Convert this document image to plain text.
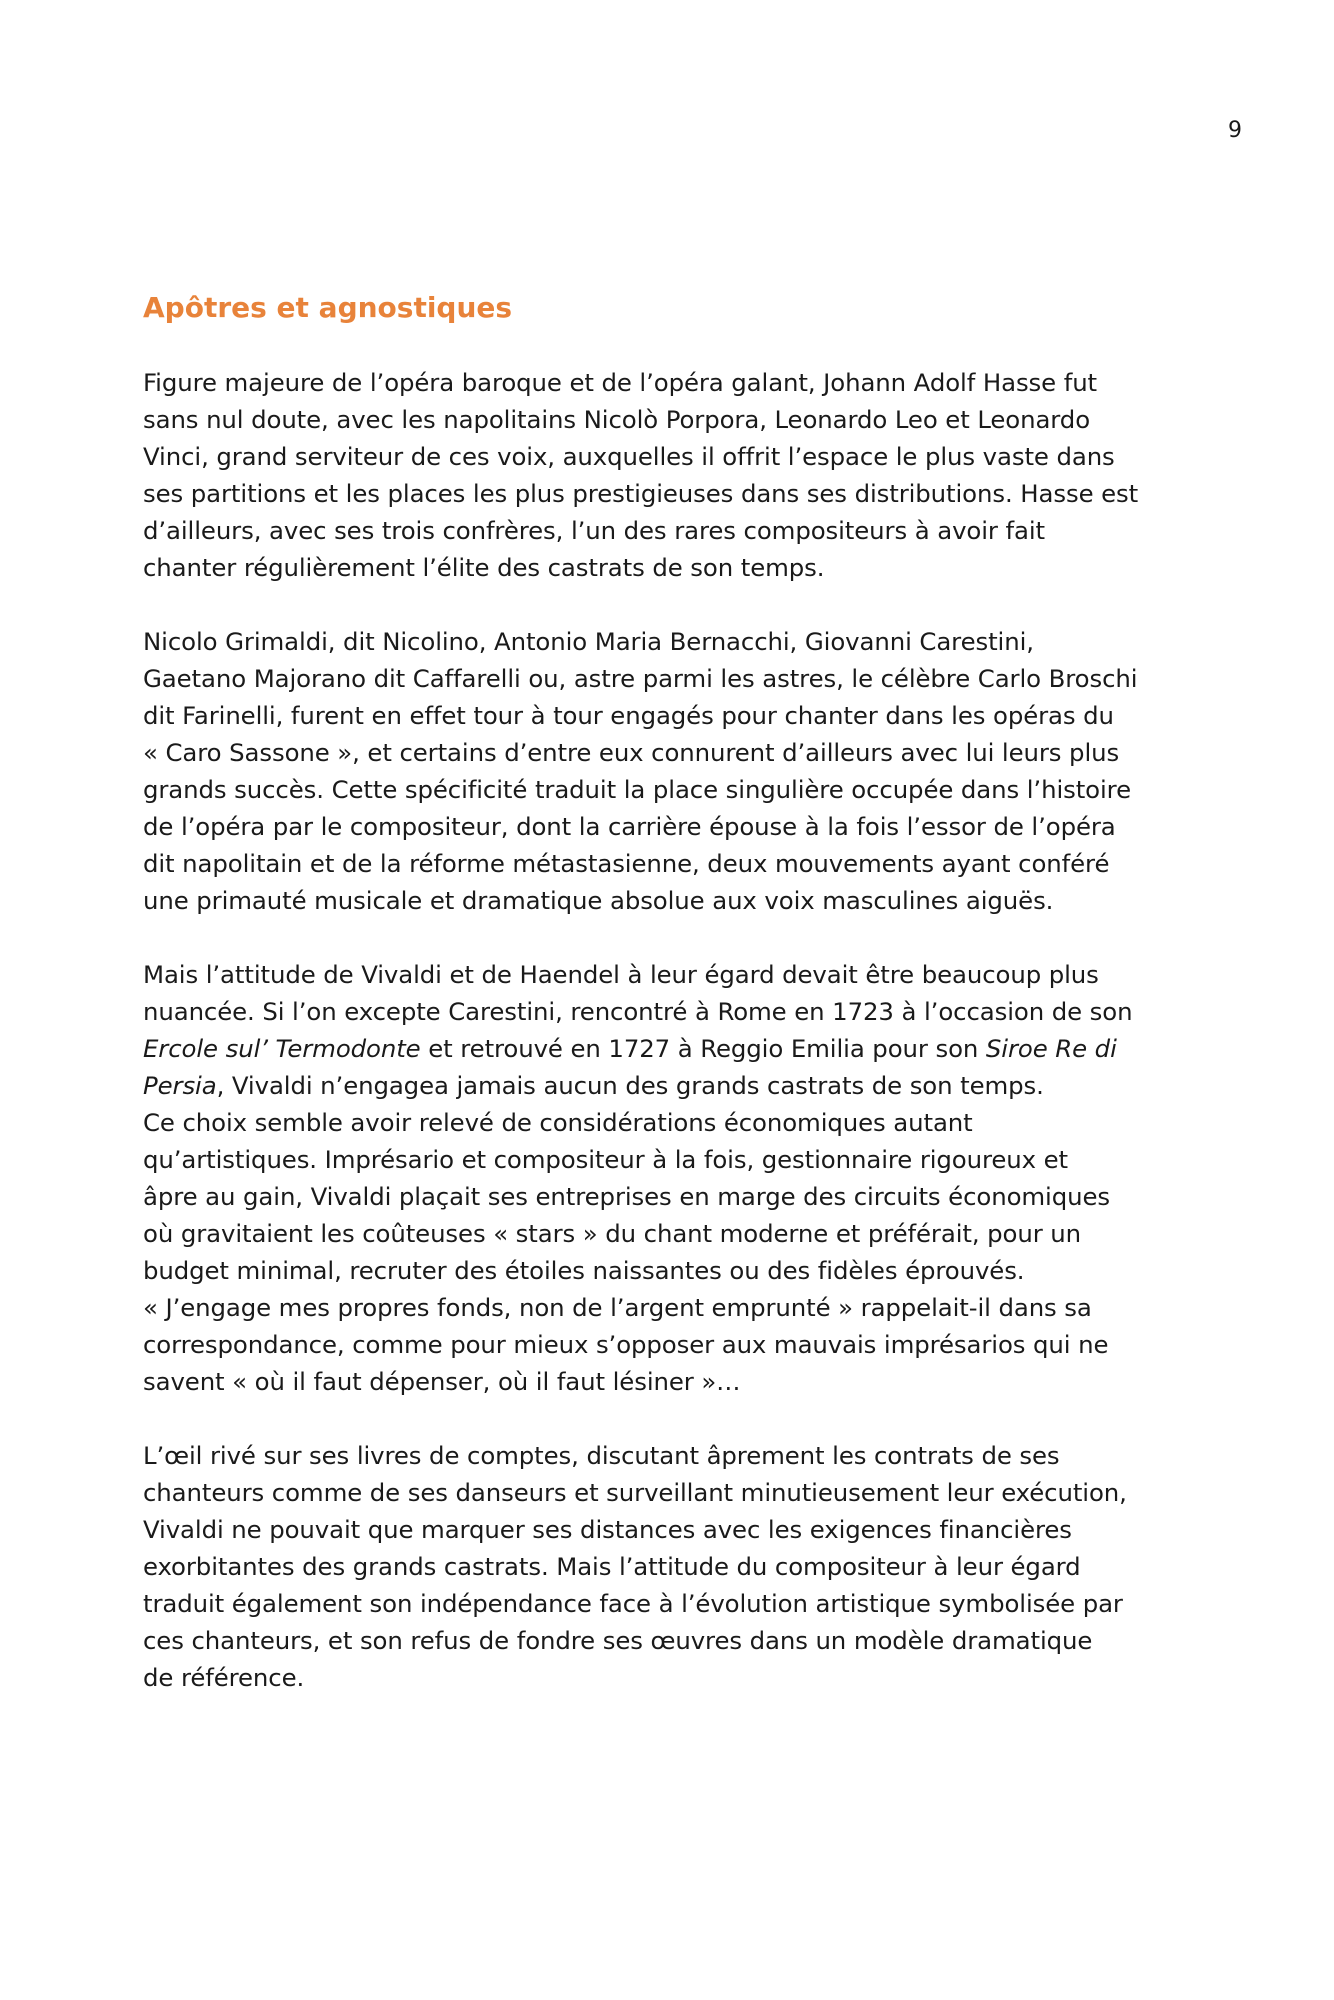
9
Apôtres et agnostiques

Figure majeure de l’opéra baroque et de l’opéra galant, Johann Adolf Hasse fut
sans nul doute, avec les napolitains Nicolò Porpora, Leonardo Leo et Leonardo
Vinci, grand serviteur de ces voix, auxquelles il offrit l’espace le plus vaste dans
ses partitions et les places les plus prestigieuses dans ses distributions. Hasse est
d’ailleurs, avec ses trois confrères, l’un des rares compositeurs à avoir fait
chanter régulièrement l’élite des castrats de son temps.

Nicolo Grimaldi, dit Nicolino, Antonio Maria Bernacchi, Giovanni Carestini,
Gaetano Majorano dit Caffarelli ou, astre parmi les astres, le célèbre Carlo Broschi
dit Farinelli, furent en effet tour à tour engagés pour chanter dans les opéras du
« Caro Sassone », et certains d’entre eux connurent d’ailleurs avec lui leurs plus
grands succès. Cette spécificité traduit la place singulière occupée dans l’histoire
de l’opéra par le compositeur, dont la carrière épouse à la fois l’essor de l’opéra
dit napolitain et de la réforme métastasienne, deux mouvements ayant conféré
une primauté musicale et dramatique absolue aux voix masculines aiguës.

Mais l’attitude de Vivaldi et de Haendel à leur égard devait être beaucoup plus
nuancée. Si l’on excepte Carestini, rencontré à Rome en 1723 à l’occasion de son
Ercole sul’ Termodonte et retrouvé en 1727 à Reggio Emilia pour son Siroe Re di
Persia, Vivaldi n’engagea jamais aucun des grands castrats de son temps.
Ce choix semble avoir relevé de considérations économiques autant
qu’artistiques. Imprésario et compositeur à la fois, gestionnaire rigoureux et
âpre au gain, Vivaldi plaçait ses entreprises en marge des circuits économiques
où gravitaient les coûteuses « stars » du chant moderne et préférait, pour un
budget minimal, recruter des étoiles naissantes ou des fidèles éprouvés.
« J’engage mes propres fonds, non de l’argent emprunté » rappelait-il dans sa
correspondance, comme pour mieux s’opposer aux mauvais imprésarios qui ne
savent « où il faut dépenser, où il faut lésiner »…

L’œil rivé sur ses livres de comptes, discutant âprement les contrats de ses
chanteurs comme de ses danseurs et surveillant minutieusement leur exécution,
Vivaldi ne pouvait que marquer ses distances avec les exigences financières
exorbitantes des grands castrats. Mais l’attitude du compositeur à leur égard
traduit également son indépendance face à l’évolution artistique symbolisée par
ces chanteurs, et son refus de fondre ses œuvres dans un modèle dramatique
de référence.
